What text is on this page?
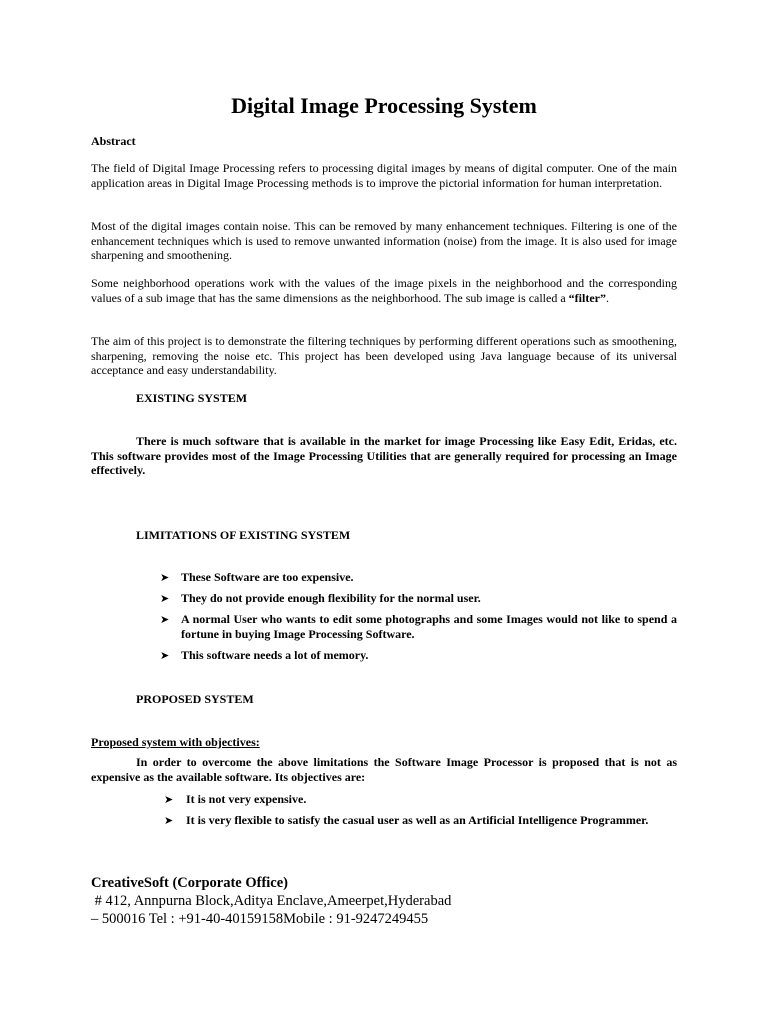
Digital Image Processing System
Abstract

The field of Digital Image Processing refers to processing digital images by means of digital computer. One of the main application areas in Digital Image Processing methods is to improve the pictorial information for human interpretation.

Most of the digital images contain noise. This can be removed by many enhancement techniques. Filtering is one of the enhancement techniques which is used to remove unwanted information (noise) from the image. It is also used for image sharpening and smoothening.

Some neighborhood operations work with the values of the image pixels in the neighborhood and the corresponding values of a sub image that has the same dimensions as the neighborhood. The sub image is called a “filter”.

The aim of this project is to demonstrate the filtering techniques by performing different operations such as smoothening, sharpening, removing the noise etc. This project has been developed using Java language because of its universal acceptance and easy understandability.

EXISTING SYSTEM

There is much software that is available in the market for image Processing like Easy Edit, Eridas, etc. This software provides most of the Image Processing Utilities that are generally required for processing an Image effectively.

LIMITATIONS OF EXISTING SYSTEM
➤ These Software are too expensive.
➤ They do not provide enough flexibility for the normal user.
➤ A normal User who wants to edit some photographs and some Images would not like to spend a fortune in buying Image Processing Software.
➤ This software needs a lot of memory.
PROPOSED SYSTEM
Proposed system with objectives:

In order to overcome the above limitations the Software Image Processor is proposed that is not as expensive as the available software. Its objectives are:

➤ It is not very expensive.
➤ It is very flexible to satisfy the casual user as well as an Artificial Intelligence Programmer.
CreativeSoft (Corporate Office)
# 412, Annpurna Block,Aditya Enclave,Ameerpet,Hyderabad
– 500016 Tel : +91-40-40159158Mobile : 91-9247249455
